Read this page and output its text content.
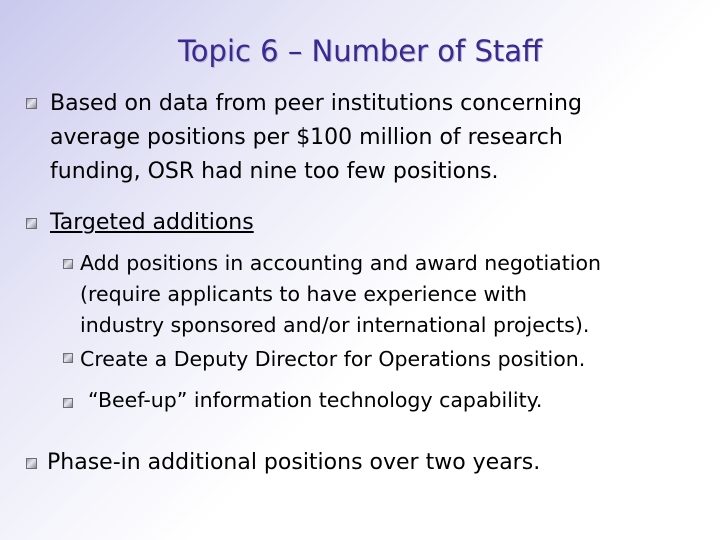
Topic 6 – Number of Staff
Based on data from peer institutions concerning
average positions per $100 million of research
funding, OSR had nine too few positions.
Targeted additions
Add positions in accounting and award negotiation
(require applicants to have experience with
industry sponsored and/or international projects).
Create a Deputy Director for Operations position.
“Beef-up” information technology capability.
Phase-in additional positions over two years.
